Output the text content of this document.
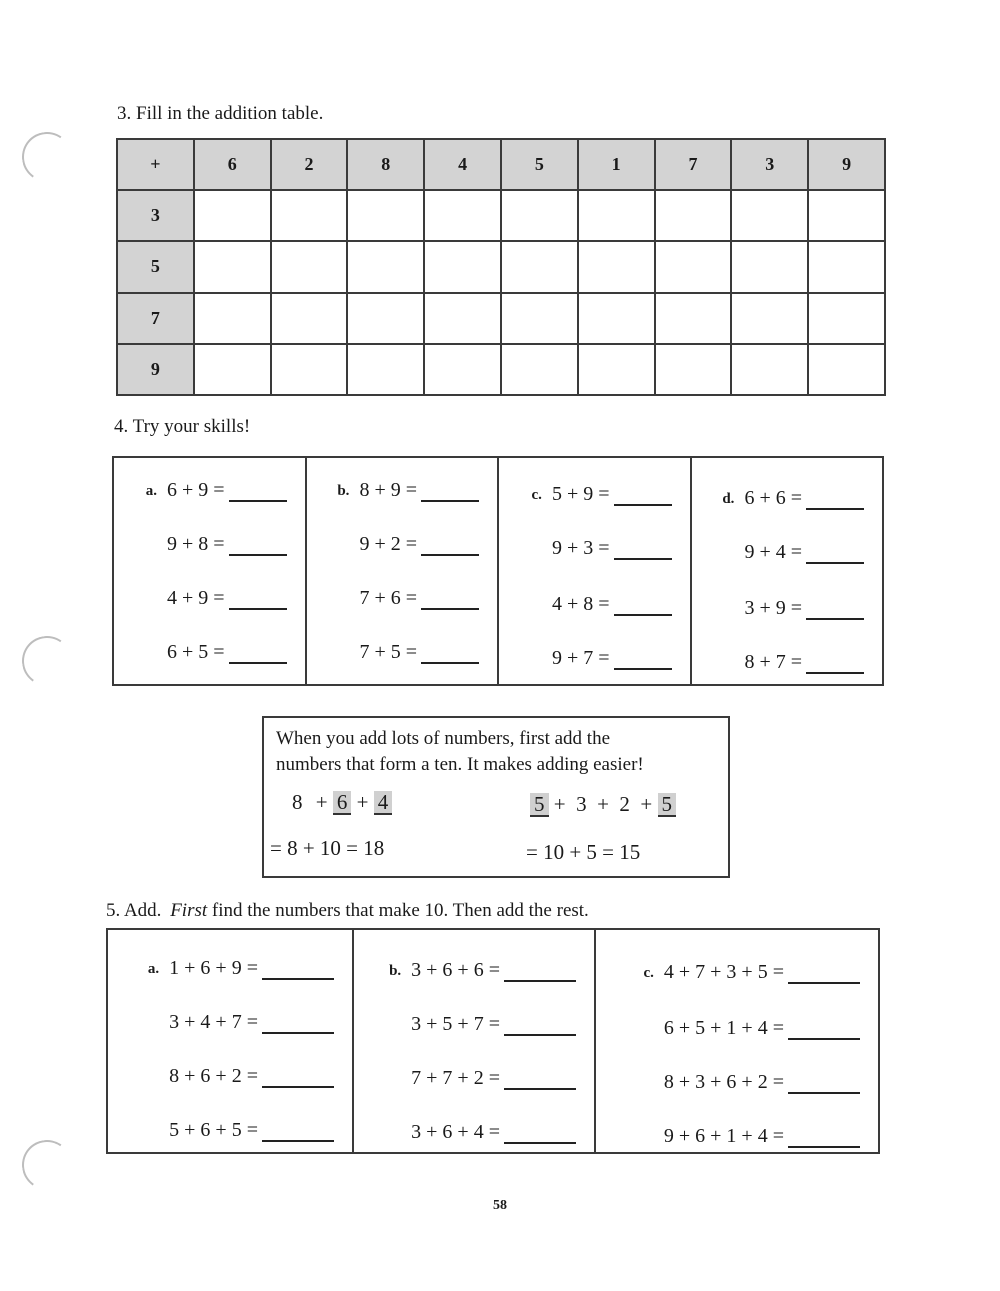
3. Fill in the addition table.
+	6	2	8	4	5	1	7	3	9
3									
5									
7									
9									
4. Try your skills!
a. 6 + 9 =
9 + 8 =
4 + 9 =
6 + 5 =
b. 8 + 9 =
9 + 2 =
7 + 6 =
7 + 5 =
c. 5 + 9 =
9 + 3 =
4 + 8 =
9 + 7 =
d. 6 + 6 =
9 + 4 =
3 + 9 =
8 + 7 =
When you add lots of numbers, first add the
numbers that form a ten. It makes adding easier!
8 + 6 + 4
= 8 + 10 = 18
5 +  3  +  2  + 5
= 10 + 5 = 15
5. Add. First find the numbers that make 10. Then add the rest.
a. 1 + 6 + 9 =
3 + 4 + 7 =
8 + 6 + 2 =
5 + 6 + 5 =
b. 3 + 6 + 6 =
3 + 5 + 7 =
7 + 7 + 2 =
3 + 6 + 4 =
c. 4 + 7 + 3 + 5 =
6 + 5 + 1 + 4 =
8 + 3 + 6 + 2 =
9 + 6 + 1 + 4 =
58
